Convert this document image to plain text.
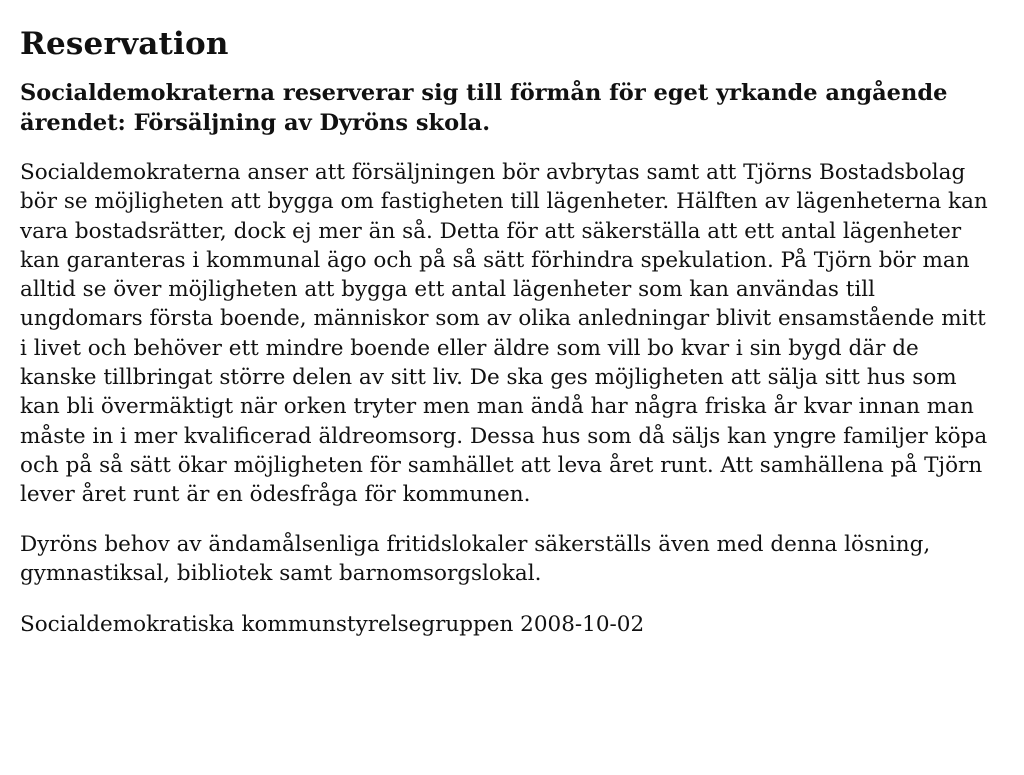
Reservation

Socialdemokraterna reserverar sig till förmån för eget yrkande angående ärendet: Försäljning av Dyröns skola.

Socialdemokraterna anser att försäljningen bör avbrytas samt att Tjörns Bostadsbolag bör se möjligheten att bygga om fastigheten till lägenheter. Hälften av lägenheterna kan vara bostadsrätter, dock ej mer än så. Detta för att säkerställa att ett antal lägenheter kan garanteras i kommunal ägo och på så sätt förhindra spekulation. På Tjörn bör man alltid se över möjligheten att bygga ett antal lägenheter som kan användas till ungdomars första boende, människor som av olika anledningar blivit ensamstående mitt i livet och behöver ett mindre boende eller äldre som vill bo kvar i sin bygd där de kanske tillbringat större delen av sitt liv. De ska ges möjligheten att sälja sitt hus som kan bli övermäktigt när orken tryter men man ändå har några friska år kvar innan man måste in i mer kvalificerad äldreomsorg. Dessa hus som då säljs kan yngre familjer köpa och på så sätt ökar möjligheten för samhället att leva året runt. Att samhällena på Tjörn lever året runt är en ödesfråga för kommunen.

Dyröns behov av ändamålsenliga fritidslokaler säkerställs även med denna lösning, gymnastiksal, bibliotek samt barnomsorgslokal.

Socialdemokratiska kommunstyrelsegruppen 2008-10-02
